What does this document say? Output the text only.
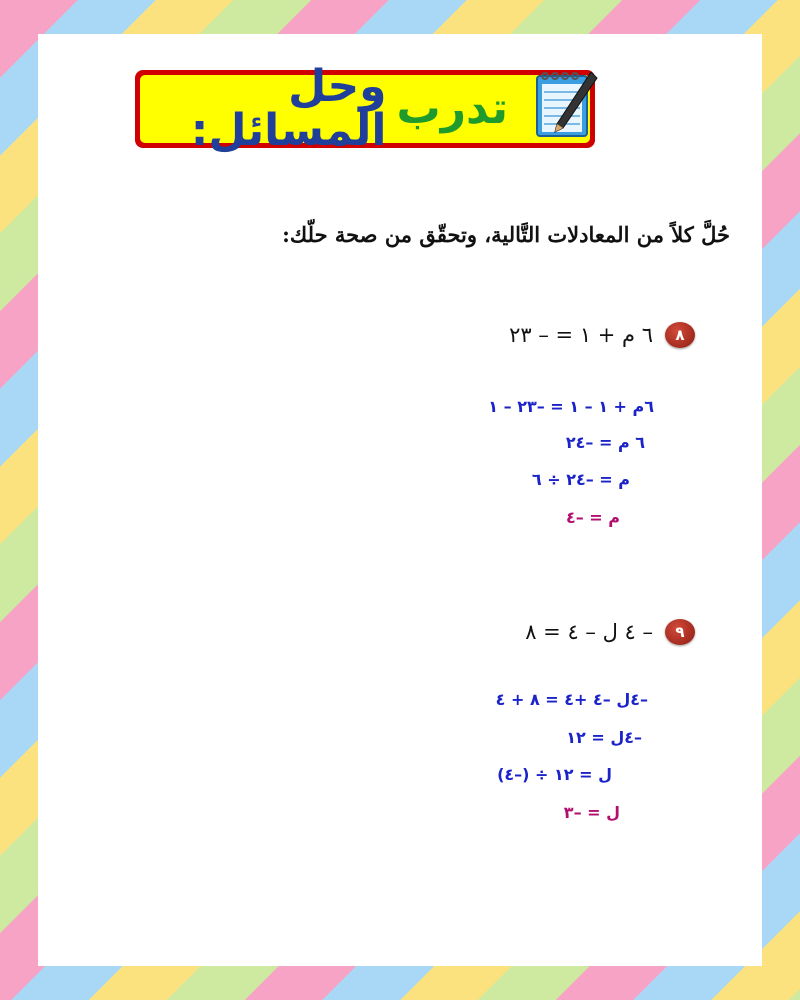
تدرب
وحل المسائل:
حُلَّ كلاً من المعادلات التَّالية، وتحقّق من صحة حلّك:
٨
٦ م + ١ = – ٢٣
٦م + ١ – ١ = –٢٣ – ١
٦ م = –٢٤
م = –٢٤ ÷ ٦
م = –٤
٩
– ٤ ل – ٤ = ٨
–٤ل –٤ +٤ = ٨ + ٤
–٤ل = ١٢
ل = ١٢ ÷ (–٤)
ل = –٣
